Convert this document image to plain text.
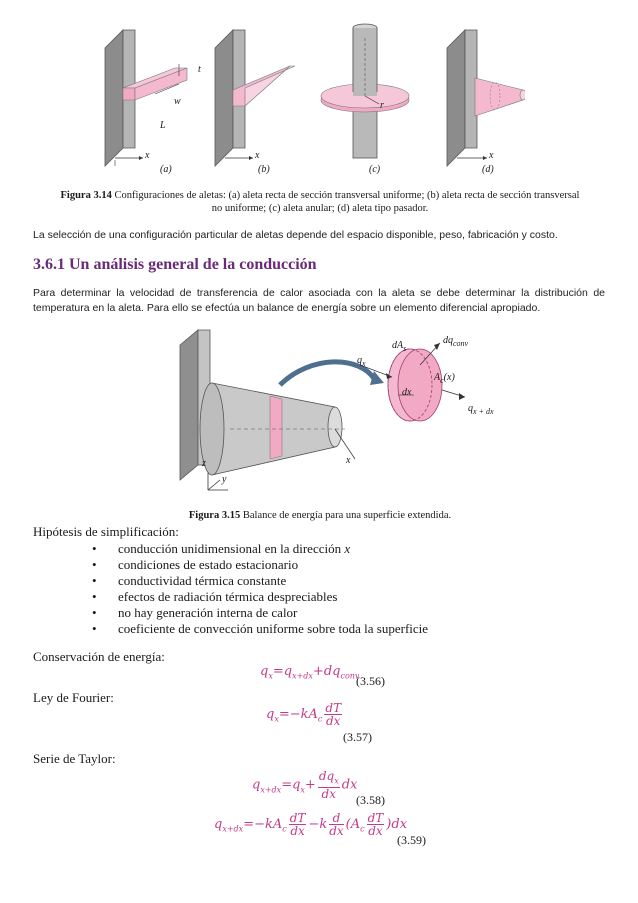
t
w
L
r
x	x	x
(a)	(b)	(c)	(d)
Figura 3.14 Configuraciones de aletas: (a) aleta recta de sección transversal uniforme; (b) aleta recta de sección transversal no uniforme; (c) aleta anular; (d) aleta tipo pasador.
La selección de una configuración particular de aletas depende del espacio disponible, peso, fabricación y costo.
3.6.1 Un análisis general de la conducción
Para determinar la velocidad de transferencia de calor asociada con la aleta se debe determinar la distribución de temperatura en la aleta. Para ello se efectúa un balance de energía sobre un elemento diferencial apropiado.
$q_x$
$dA_s$
$dq_{conv}$
$A_c(x)$
$q_{x + dx}$
dx
x
y
z
Figura 3.15 Balance de energía para una superficie extendida.
Hipótesis de simplificación:
• conducción unidimensional en la dirección x
• condiciones de estado estacionario
• conductividad térmica constante
• efectos de radiación térmica despreciables
• no hay generación interna de calor
• coeficiente de convección uniforme sobre toda la superficie
Conservación de energía:
$q_x=q_{x+dx}+dq_{conv}$
(3.56)
Ley de Fourier:
$q_x=-kA_c \frac{dT}{dx}$
(3.57)
Serie de Taylor:
$q_{x+dx}=q_x+ \frac{dq_x}{dx}$ dx
(3.58)
$q_{x+dx}=-kA_c \frac{dT}{dx} -k \frac{d}{dx} (A_c \frac{dT}{dx} )dx$
(3.59)
